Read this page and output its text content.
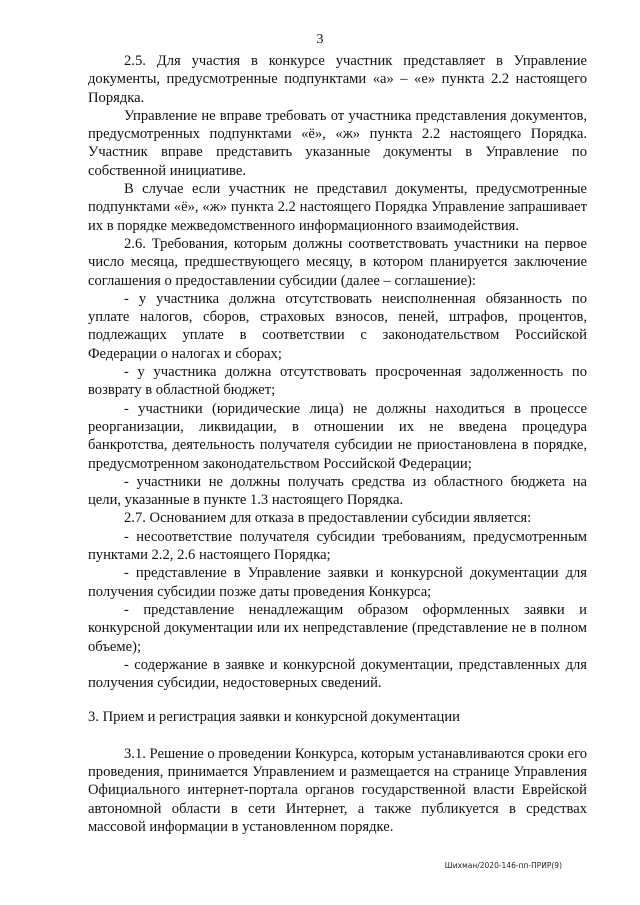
3

2.5. Для участия в конкурсе участник представляет в Управление документы, предусмотренные подпунктами «а» – «е» пункта 2.2 настоящего Порядка.

Управление не вправе требовать от участника представления документов, предусмотренных подпунктами «ё», «ж» пункта 2.2 настоящего Порядка. Участник вправе представить указанные документы в Управление по собственной инициативе.

В случае если участник не представил документы, предусмотренные подпунктами «ё», «ж» пункта 2.2 настоящего Порядка Управление запрашивает их в порядке межведомственного информационного взаимодействия.

2.6. Требования, которым должны соответствовать участники на первое число месяца, предшествующего месяцу, в котором планируется заключение соглашения о предоставлении субсидии (далее – соглашение):

- у участника должна отсутствовать неисполненная обязанность по уплате налогов, сборов, страховых взносов, пеней, штрафов, процентов, подлежащих уплате в соответствии с законодательством Российской Федерации о налогах и сборах;

- у участника должна отсутствовать просроченная задолженность по возврату в областной бюджет;

- участники (юридические лица) не должны находиться в процессе реорганизации, ликвидации, в отношении их не введена процедура банкротства, деятельность получателя субсидии не приостановлена в порядке, предусмотренном законодательством Российской Федерации;

- участники не должны получать средства из областного бюджета на цели, указанные в пункте 1.3 настоящего Порядка.

2.7. Основанием для отказа в предоставлении субсидии является:

- несоответствие получателя субсидии требованиям, предусмотренным пунктами 2.2, 2.6 настоящего Порядка;

- представление в Управление заявки и конкурсной документации для получения субсидии позже даты проведения Конкурса;

- представление ненадлежащим образом оформленных заявки и конкурсной документации или их непредставление (представление не в полном объеме);

- содержание в заявке и конкурсной документации, представленных для получения субсидии, недостоверных сведений.

3. Прием и регистрация заявки и конкурсной документации

3.1. Решение о проведении Конкурса, которым устанавливаются сроки его проведения, принимается Управлением и размещается на странице Управления Официального интернет-портала органов государственной власти Еврейской автономной области в сети Интернет, а также публикуется в средствах массовой информации в установленном порядке.

Шихман/2020-146-пп-ПРИР(9)
